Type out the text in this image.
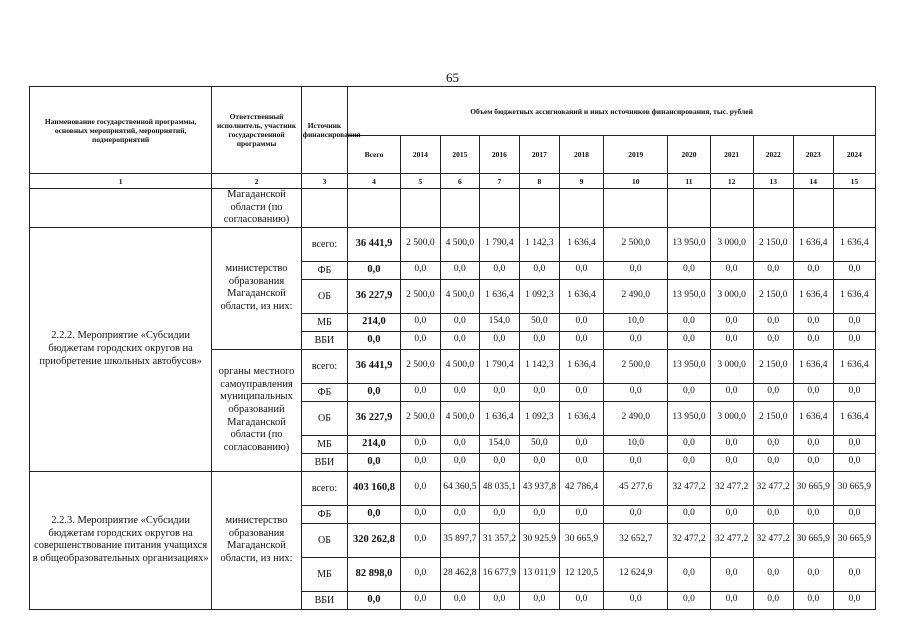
65
Наименование государственной программы, основных мероприятий, мероприятий, подмероприятий	Ответственный исполнитель, участник государственной программы	Источник финансирования	Объем бюджетных ассигнований и иных источников финансирования, тыс. рублей											
			Всего	2014	2015	2016	2017	2018	2019	2020	2021	2022	2023	2024
1	2	3	4	5	6	7	8	9	10	11	12	13	14	15
	Магаданской области (по согласованию)													
2.2.2. Мероприятие «Субсидии бюджетам городских округов на приобретение школьных автобусов»	министерство образования Магаданской области, из них:	всего:	36 441,9	2 500,0	4 500,0	1 790,4	1 142,3	1 636,4	2 500,0	13 950,0	3 000,0	2 150,0	1 636,4	1 636,4
		ФБ	0,0	0,0	0,0	0,0	0,0	0,0	0,0	0,0	0,0	0,0	0,0	0,0
		ОБ	36 227,9	2 500,0	4 500,0	1 636,4	1 092,3	1 636,4	2 490,0	13 950,0	3 000,0	2 150,0	1 636,4	1 636,4
		МБ	214,0	0,0	0,0	154,0	50,0	0,0	10,0	0,0	0,0	0,0	0,0	0,0
		ВБИ	0,0	0,0	0,0	0,0	0,0	0,0	0,0	0,0	0,0	0,0	0,0	0,0
	органы местного самоуправления муниципальных образований Магаданской области (по согласованию)	всего:	36 441,9	2 500,0	4 500,0	1 790,4	1 142,3	1 636,4	2 500,0	13 950,0	3 000,0	2 150,0	1 636,4	1 636,4
		ФБ	0,0	0,0	0,0	0,0	0,0	0,0	0,0	0,0	0,0	0,0	0,0	0,0
		ОБ	36 227,9	2 500,0	4 500,0	1 636,4	1 092,3	1 636,4	2 490,0	13 950,0	3 000,0	2 150,0	1 636,4	1 636,4
		МБ	214,0	0,0	0,0	154,0	50,0	0,0	10,0	0,0	0,0	0,0	0,0	0,0
		ВБИ	0,0	0,0	0,0	0,0	0,0	0,0	0,0	0,0	0,0	0,0	0,0	0,0
2.2.3. Мероприятие «Субсидии бюджетам городских округов на совершенствование питания учащихся в общеобразовательных организациях»	министерство образования Магаданской области, из них:	всего:	403 160,8	0,0	64 360,5	48 035,1	43 937,8	42 786,4	45 277,6	32 477,2	32 477,2	32 477,2	30 665,9	30 665,9
		ФБ	0,0	0,0	0,0	0,0	0,0	0,0	0,0	0,0	0,0	0,0	0,0	0,0
		ОБ	320 262,8	0,0	35 897,7	31 357,2	30 925,9	30 665,9	32 652,7	32 477,2	32 477,2	32 477,2	30 665,9	30 665,9
		МБ	82 898,0	0,0	28 462,8	16 677,9	13 011,9	12 120,5	12 624,9	0,0	0,0	0,0	0,0	0,0
		ВБИ	0,0	0,0	0,0	0,0	0,0	0,0	0,0	0,0	0,0	0,0	0,0	0,0
